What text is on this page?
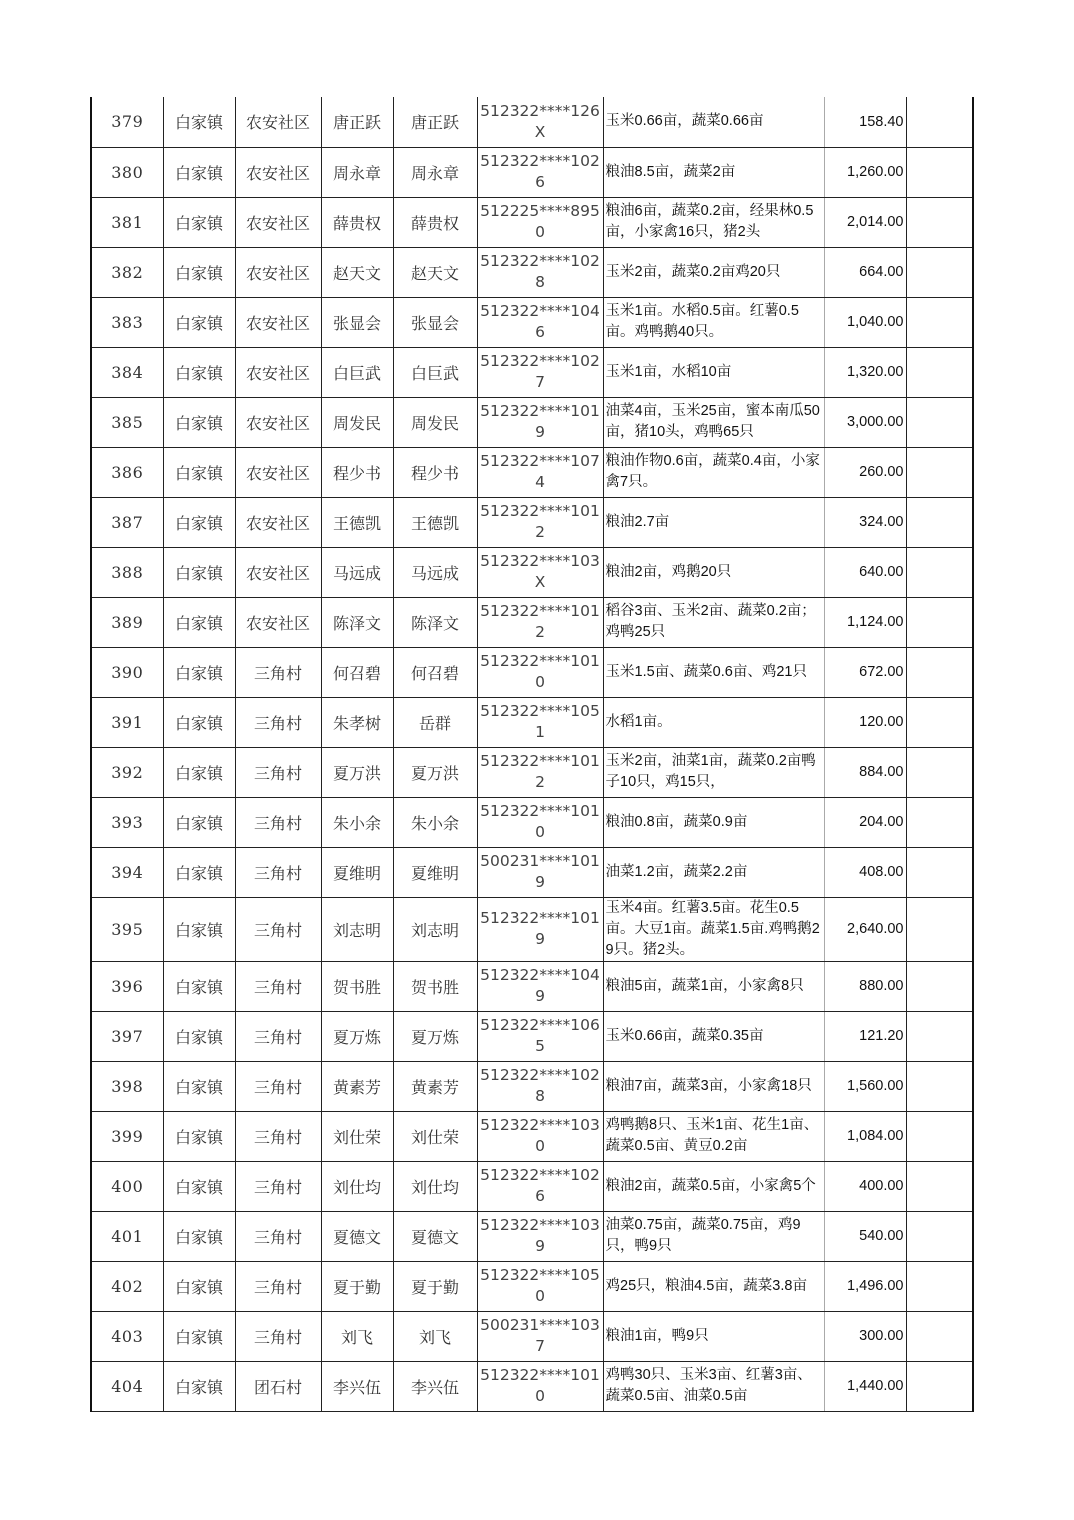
379	白家镇	农安社区	唐正跃	唐正跃	512322****126X	玉米0.66亩，蔬菜0.66亩	158.40	
380	白家镇	农安社区	周永章	周永章	512322****1026	粮油8.5亩，蔬菜2亩	1,260.00	
381	白家镇	农安社区	薛贵权	薛贵权	512225****8950	粮油6亩，蔬菜0.2亩，经果林0.5亩，小家禽16只，猪2头	2,014.00	
382	白家镇	农安社区	赵天文	赵天文	512322****1028	玉米2亩，蔬菜0.2亩鸡20只	664.00	
383	白家镇	农安社区	张显会	张显会	512322****1046	玉米1亩。水稻0.5亩。红薯0.5亩。鸡鸭鹅40只。	1,040.00	
384	白家镇	农安社区	白巨武	白巨武	512322****1027	玉米1亩，水稻10亩	1,320.00	
385	白家镇	农安社区	周发民	周发民	512322****1019	油菜4亩，玉米25亩，蜜本南瓜50亩，猪10头，鸡鸭65只	3,000.00	
386	白家镇	农安社区	程少书	程少书	512322****1074	粮油作物0.6亩，蔬菜0.4亩，小家禽7只。	260.00	
387	白家镇	农安社区	王德凯	王德凯	512322****1012	粮油2.7亩	324.00	
388	白家镇	农安社区	马远成	马远成	512322****103X	粮油2亩，鸡鹅20只	640.00	
389	白家镇	农安社区	陈泽文	陈泽文	512322****1012	稻谷3亩、玉米2亩、蔬菜0.2亩；鸡鸭25只	1,124.00	
390	白家镇	三角村	何召碧	何召碧	512322****1010	玉米1.5亩、蔬菜0.6亩、鸡21只	672.00	
391	白家镇	三角村	朱孝树	岳群	512322****1051	水稻1亩。	120.00	
392	白家镇	三角村	夏万洪	夏万洪	512322****1012	玉米2亩，油菜1亩，蔬菜0.2亩鸭子10只，鸡15只，	884.00	
393	白家镇	三角村	朱小余	朱小余	512322****1010	粮油0.8亩，蔬菜0.9亩	204.00	
394	白家镇	三角村	夏维明	夏维明	500231****1019	油菜1.2亩，蔬菜2.2亩	408.00	
395	白家镇	三角村	刘志明	刘志明	512322****1019	玉米4亩。红薯3.5亩。花生0.5亩。大豆1亩。蔬菜1.5亩.鸡鸭鹅29只。猪2头。	2,640.00	
396	白家镇	三角村	贺书胜	贺书胜	512322****1049	粮油5亩，蔬菜1亩，小家禽8只	880.00	
397	白家镇	三角村	夏万炼	夏万炼	512322****1065	玉米0.66亩，蔬菜0.35亩	121.20	
398	白家镇	三角村	黄素芳	黄素芳	512322****1028	粮油7亩，蔬菜3亩，小家禽18只	1,560.00	
399	白家镇	三角村	刘仕荣	刘仕荣	512322****1030	鸡鸭鹅8只、玉米1亩、花生1亩、蔬菜0.5亩、黄豆0.2亩	1,084.00	
400	白家镇	三角村	刘仕均	刘仕均	512322****1026	粮油2亩，蔬菜0.5亩，小家禽5个	400.00	
401	白家镇	三角村	夏德文	夏德文	512322****1039	油菜0.75亩，蔬菜0.75亩，鸡9只，鸭9只	540.00	
402	白家镇	三角村	夏于勤	夏于勤	512322****1050	鸡25只，粮油4.5亩，蔬菜3.8亩	1,496.00	
403	白家镇	三角村	刘飞	刘飞	500231****1037	粮油1亩，鸭9只	300.00	
404	白家镇	团石村	李兴伍	李兴伍	512322****1010	鸡鸭30只、玉米3亩、红薯3亩、蔬菜0.5亩、油菜0.5亩	1,440.00	
